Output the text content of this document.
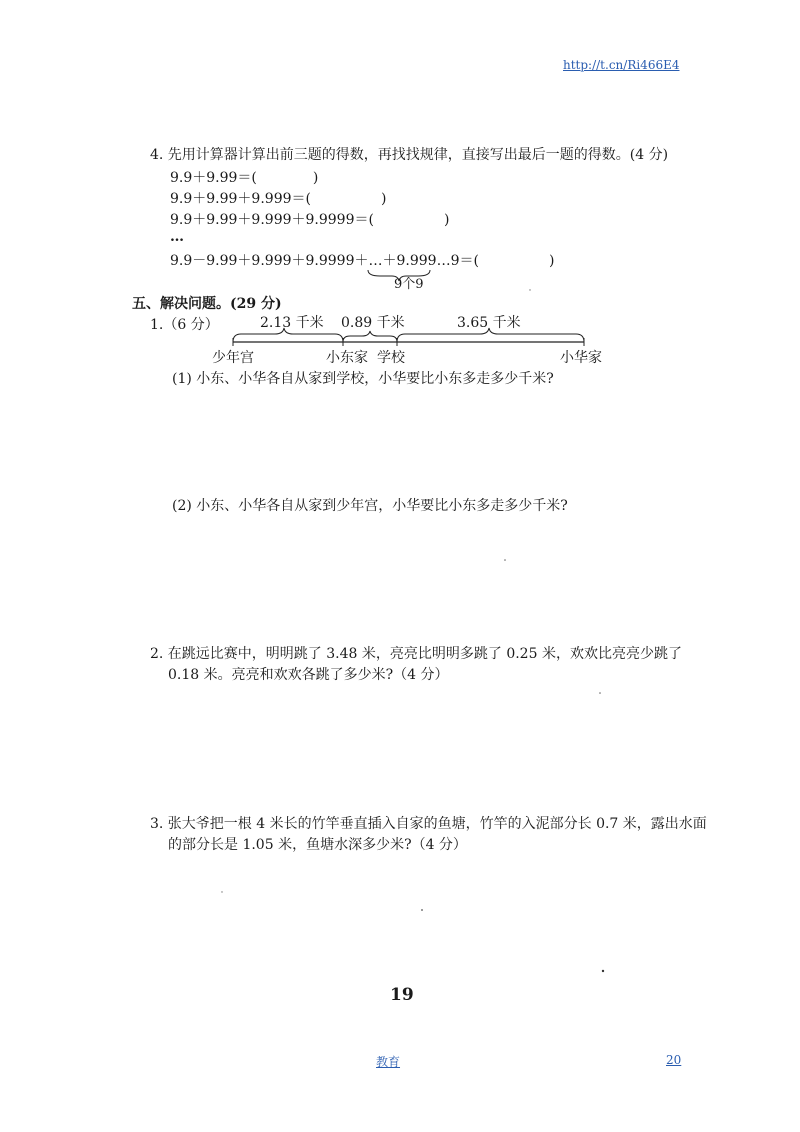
http://t.cn/Ri466E4
4. 先用计算器计算出前三题的得数，再找找规律，直接写出最后一题的得数。(4 分)
9.9＋9.99＝(　　　　)
9.9＋9.99＋9.999＝(　　　　　)
9.9＋9.99＋9.999＋9.9999＝(　　　　　)
…
9.9－9.99＋9.999＋9.9999＋…＋9.999…9＝(　　　　　)
9个9
五、解决问题。(29 分)
1.（6 分）	2.13 千米 0.89 千米	3.65 千米
少年宫	小东家 学校	小华家
(1) 小东、小华各自从家到学校，小华要比小东多走多少千米?
(2) 小东、小华各自从家到少年宫，小华要比小东多走多少千米?
2. 在跳远比赛中，明明跳了 3.48 米，亮亮比明明多跳了 0.25 米，欢欢比亮亮少跳了
0.18 米。亮亮和欢欢各跳了多少米?（4 分）
3. 张大爷把一根 4 米长的竹竿垂直插入自家的鱼塘，竹竿的入泥部分长 0.7 米，露出水面
的部分长是 1.05 米，鱼塘水深多少米?（4 分）
19
教育	20
